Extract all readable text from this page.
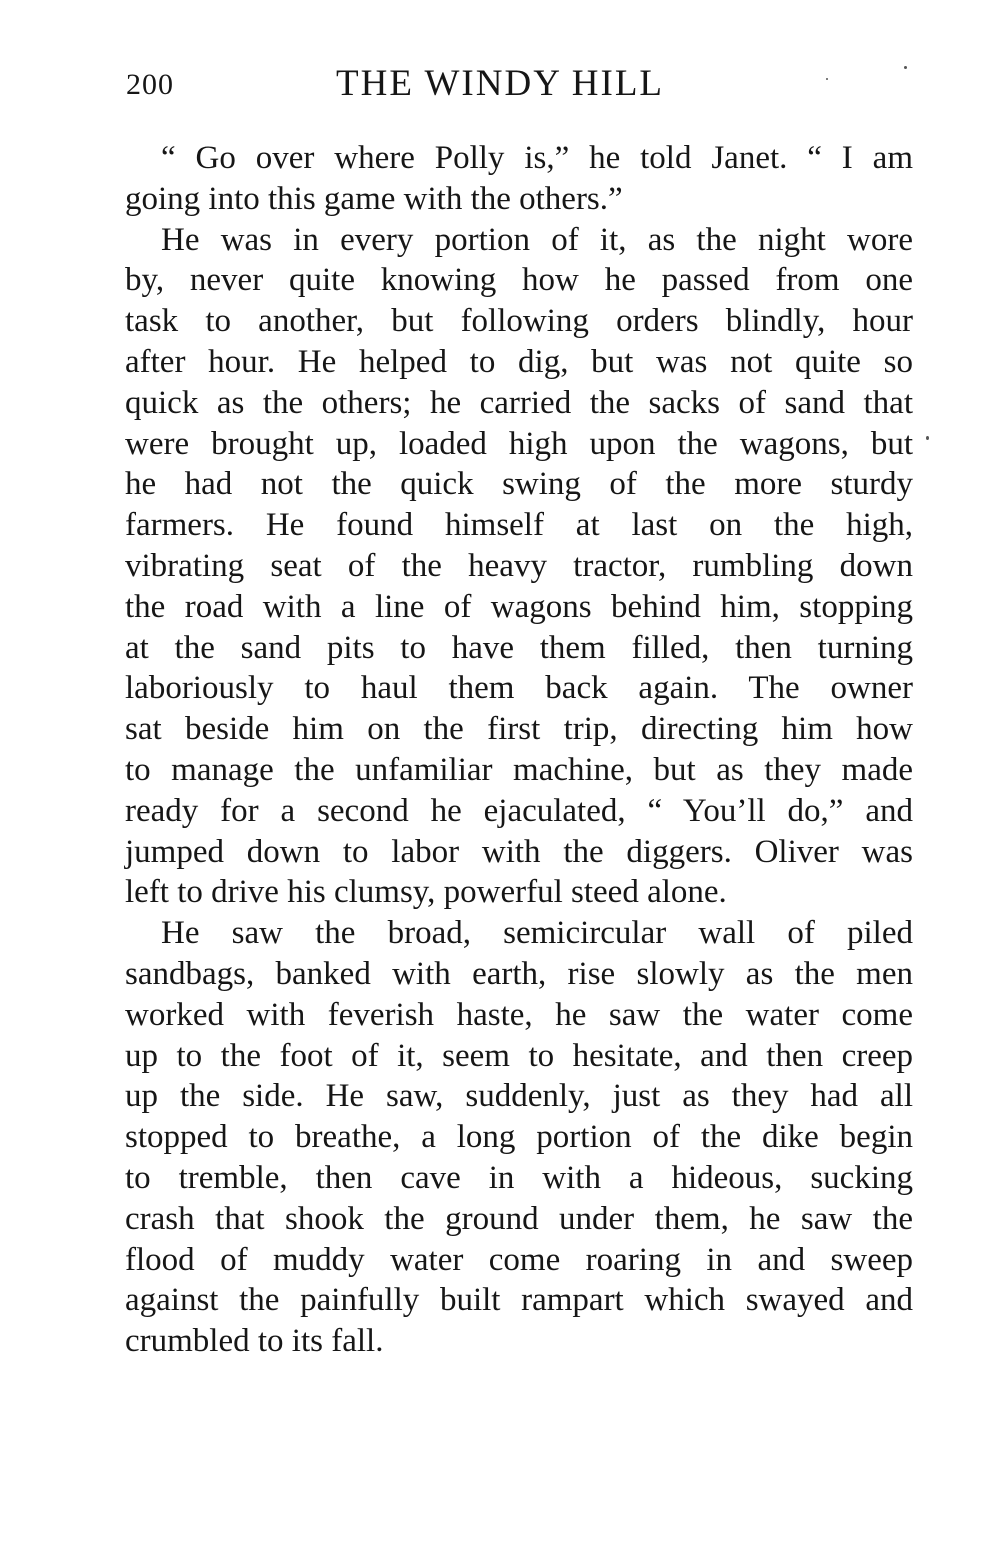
200	THE WINDY HILL
“ Go over where Polly is,” he told Janet. “ I am
going into this game with the others.”
He was in every portion of it, as the night wore
by, never quite knowing how he passed from one
task to another, but following orders blindly, hour
after hour. He helped to dig, but was not quite so
quick as the others; he carried the sacks of sand that
were brought up, loaded high upon the wagons, but
he had not the quick swing of the more sturdy
farmers. He found himself at last on the high,
vibrating seat of the heavy tractor, rumbling down
the road with a line of wagons behind him, stopping
at the sand pits to have them filled, then turning
laboriously to haul them back again. The owner
sat beside him on the first trip, directing him how
to manage the unfamiliar machine, but as they made
ready for a second he ejaculated, “ You’ll do,” and
jumped down to labor with the diggers. Oliver was
left to drive his clumsy, powerful steed alone.
He saw the broad, semicircular wall of piled
sandbags, banked with earth, rise slowly as the men
worked with feverish haste, he saw the water come
up to the foot of it, seem to hesitate, and then creep
up the side. He saw, suddenly, just as they had all
stopped to breathe, a long portion of the dike begin
to tremble, then cave in with a hideous, sucking
crash that shook the ground under them, he saw the
flood of muddy water come roaring in and sweep
against the painfully built rampart which swayed and
crumbled to its fall.
